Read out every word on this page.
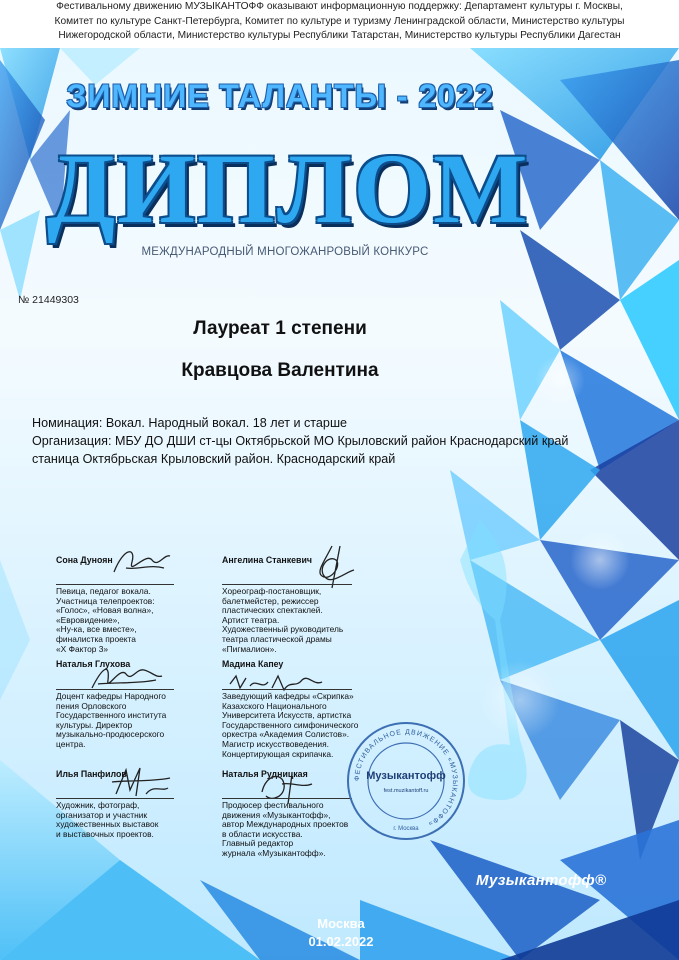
Фестивальному движению МУЗЫКАНТОФФ оказывают информационную поддержку: Департамент культуры г. Москвы,
Комитет по культуре Санкт-Петербурга, Комитет по культуре и туризму Ленинградской области, Министерство культуры
Нижегородской области, Министерство культуры Республики Татарстан, Министерство культуры Республики Дагестан
ЗИМНИЕ ТАЛАНТЫ - 2022
ДИПЛОМ
МЕЖДУНАРОДНЫЙ МНОГОЖАНРОВЫЙ КОНКУРС
№ 21449303
Лауреат 1 степени
Кравцова Валентина
Номинация: Вокал. Народный вокал. 18 лет и старше
Организация: МБУ ДО ДШИ ст-цы Октябрьской МО Крыловский район Краснодарский край
станица Октябрьская Крыловский район. Краснодарский край
Сона Дуноян
Певица, педагог вокала.
Участница телепроектов:
«Голос», «Новая волна»,
«Евровидение»,
«Ну-ка, все вместе»,
финалистка проекта
«Х Фактор 3»
Ангелина Станкевич
Хореограф-постановщик,
балетмейстер, режиссер
пластических спектаклей.
Артист театра.
Художественный руководитель
театра пластической драмы
«Пигмалион».
Наталья Глухова
Доцент кафедры Народного
пения Орловского
Государственного института
культуры. Директор
музыкально-продюсерского
центра.
Мадина Капеу
Заведующий кафедры «Скрипка»
Казахского Национального
Университета Искусств, артистка
Государственного симфонического
оркестра «Академия Солистов».
Магистр искусствоведения.
Концертирующая скрипачка.
Илья Панфилов
Художник, фотограф,
организатор и участник
художественных выставок
и выставочных проектов.
Наталья Рудницкая
Продюсер фестивального
движения «Музыкантофф»,
автор Международных проектов
в области искусства.
Главный редактор
журнала «Музыкантофф».
ФЕСТИВАЛЬНОЕ ДВИЖЕНИЕ «МУЗЫКАНТОФФ»
Музыкантофф
fest.muzikantoff.ru
г. Москва
Музыкантофф®
Москва
01.02.2022
